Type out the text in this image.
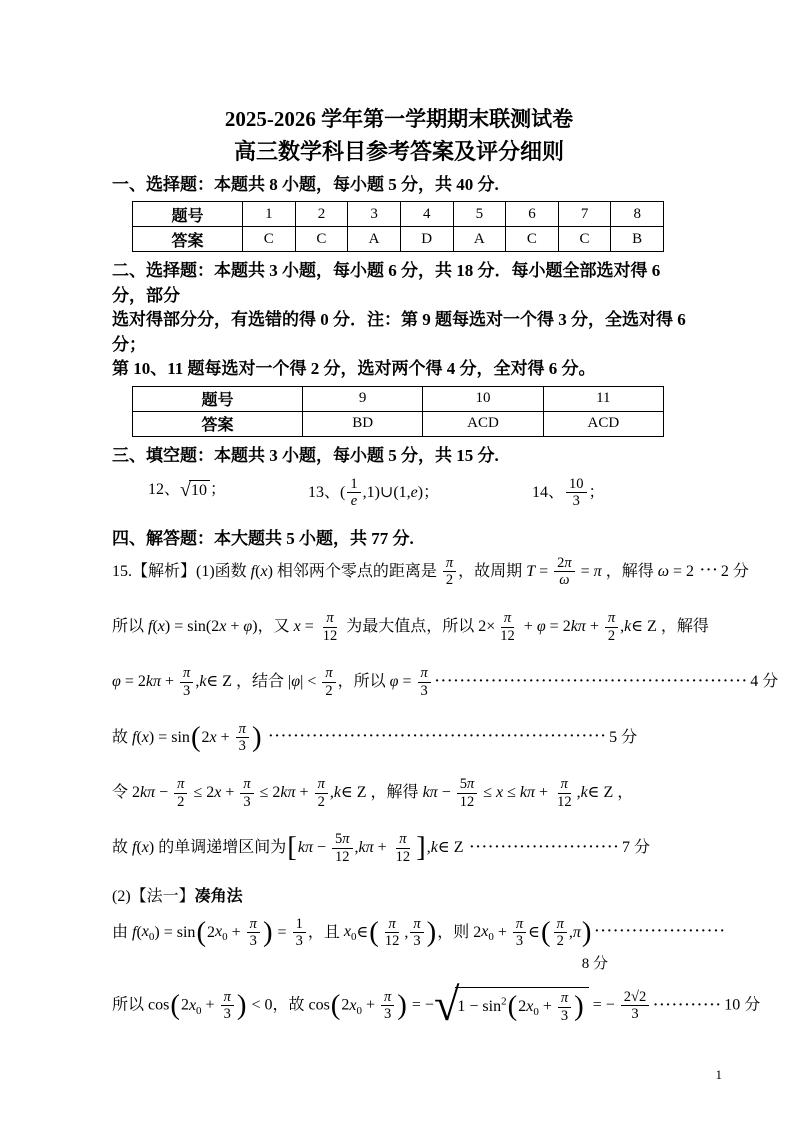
2025-2026 学年第一学期期末联测试卷
高三数学科目参考答案及评分细则
一、选择题：本题共 8 小题，每小题 5 分，共 40 分.
题号	1	2	3	4	5	6	7	8
答案	C	C	A	D	A	C	C	B
二、选择题：本题共 3 小题，每小题 6 分，共 18 分．每小题全部选对得 6 分，部分
选对得部分分，有选错的得 0 分．注：第 9 题每选对一个得 3 分，全选对得 6 分；
第 10、11 题每选对一个得 2 分，选对两个得 4 分，全对得 6 分。
题号	9	10	11
答案	BD	ACD	ACD
三、填空题：本题共 3 小题，每小题 5 分，共 15 分.
12、 √ 10 ；	13、( $\frac{1}{e}$ ,1)∪(1,e)；	14、 $\frac{10}{3}$ ；
四、解答题：本大题共 5 小题，共 77 分.
15.【解析】(1)函数 f(x) 相邻两个零点的距离是 $\frac{\pi}{2}$ ，故周期 $T = \frac{2\pi}{\omega} = \pi$ ，解得 ω = 2 ··· 2 分
所以 f(x) = sin(2x + φ)，又 $x = \frac{\pi}{12}$ 为最大值点，所以 $2\times \frac{\pi}{12} + \varphi = 2k\pi + \frac{\pi}{2}$ ,k∈ Z ，解得
$\varphi = 2k\pi + \frac{\pi}{3}$ ,k∈ Z ，结合 $|\varphi| < \frac{\pi}{2}$ ，所以 $\varphi = \frac{\pi}{3}$ ·················································· 4 分
故 $f(x) = \sin(2x + \frac{\pi}{3}$ ) ······················································ 5 分
令 $2k\pi - \frac{\pi}{2} \le 2x + \frac{\pi}{3} \le 2k\pi + \frac{\pi}{2}$ ,k∈ Z ，解得 $k\pi - \frac{5\pi}{12} \le x \le k\pi + \frac{\pi}{12}$ ,k∈ Z ，
故 f(x) 的单调递增区间为[$k\pi - \frac{5\pi}{12} ,k\pi + \frac{\pi}{12}$ ],k∈ Z ························ 7 分
(2)【法一】凑角法
由 $f(x_0) = \sin(2x_0 + \frac{\pi}{3}$ ) = $\frac{1}{3}$ ，且 $x_0\in( \frac{\pi}{12}$ , $\frac{\pi}{3}$ )，则 $2x_0 + \frac{\pi}{3}$ ∈( $\frac{\pi}{2} ,\pi$) ·····················
8 分
所以 $\cos(2x_0 + \frac{\pi}{3}$ ) < 0，故 $\cos(2x_0 + \frac{\pi}{3}$ ) = − √
$1 - \sin^2(2x_0 + \frac{\pi}{3}$ ) = − $\frac{2√2}{3}$ ··········· 10 分
1
